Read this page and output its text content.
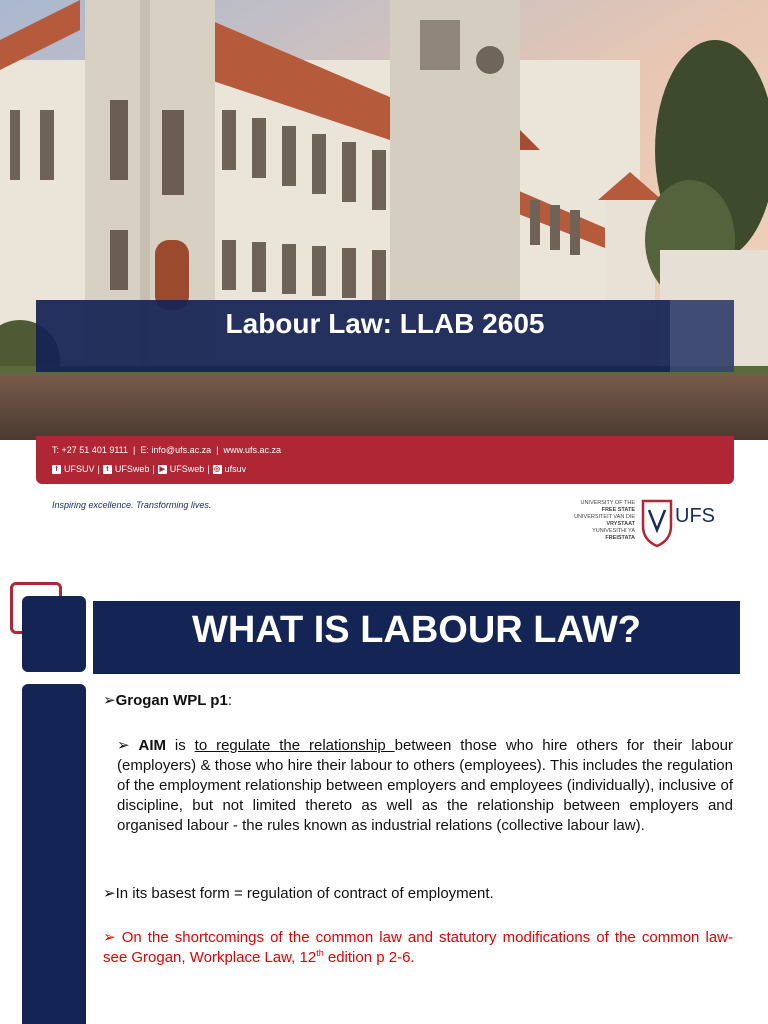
Labour Law: LLAB 2605
T: +27 51 401 9111 | E: info@ufs.ac.za | www.ufs.ac.za
f UFSUV | t UFSweb | ▶ UFSweb | ◎ ufsuv
Inspiring excellence. Transforming lives.	UNIVERSITY OF THE
FREE STATE
UNIVERSITEIT VAN DIE
VRYSTAAT
YUNIVESITHI YA
FREISTATA
UFS
WHAT IS LABOUR LAW?
➢Grogan WPL p1:
➢ AIM is to regulate the relationship between those who hire others for their labour (employers) & those who hire their labour to others (employees). This includes the regulation of the employment relationship between employers and employees (individually), inclusive of discipline, but not limited thereto as well as the relationship between employers and organised labour - the rules known as industrial relations (collective labour law).
➢In its basest form = regulation of contract of employment.
➢ On the shortcomings of the common law and statutory modifications of the common law- see Grogan, Workplace Law, 12th edition p 2-6.
